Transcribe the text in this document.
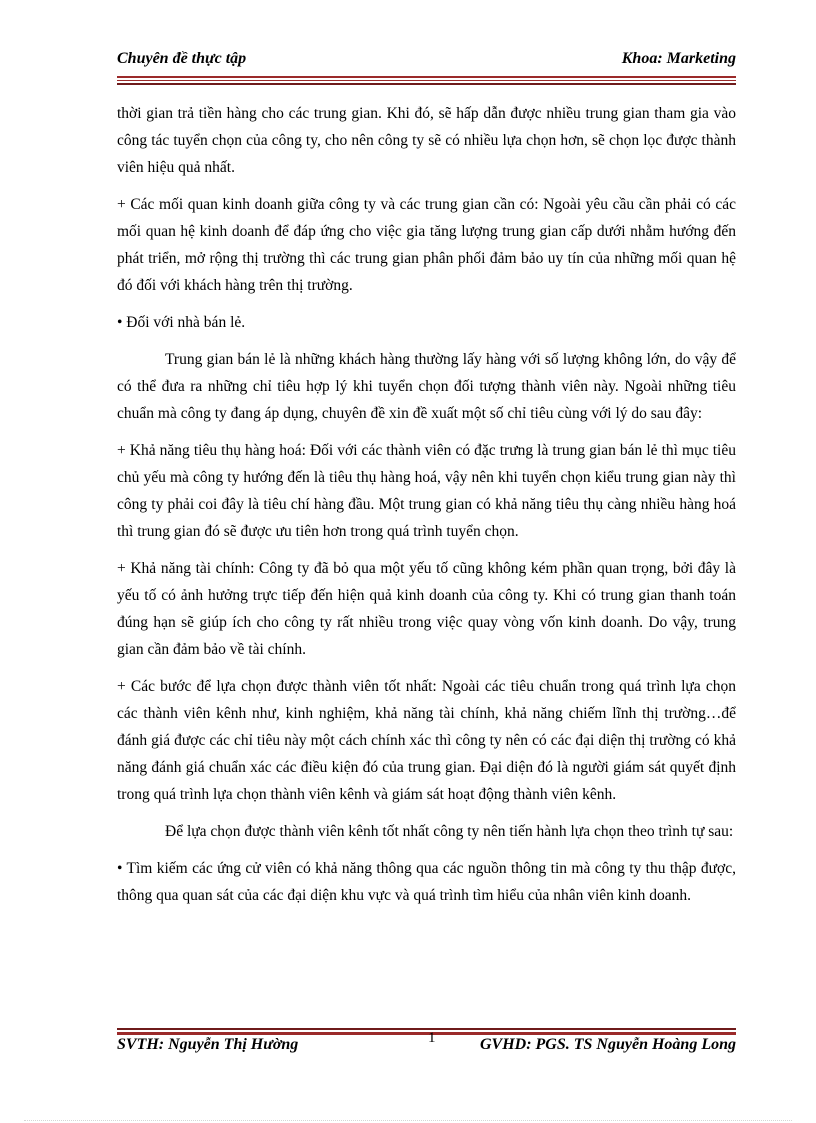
Chuyên đề thực tập	Khoa: Marketing

thời gian trả tiền hàng cho các trung gian. Khi đó, sẽ hấp dẫn được nhiều trung gian tham gia vào công tác tuyển chọn của công ty, cho nên công ty sẽ có nhiều lựa chọn hơn, sẽ chọn lọc được thành viên hiệu quả nhất.

+ Các mối quan kinh doanh giữa công ty và các trung gian cần có: Ngoài yêu cầu cần phải có các mối quan hệ kinh doanh để đáp ứng cho việc gia tăng lượng trung gian cấp dưới nhằm hướng đến phát triển, mở rộng thị trường thì các trung gian phân phối đảm bảo uy tín của những mối quan hệ đó đối với khách hàng trên thị trường.

• Đối với nhà bán lẻ.

Trung gian bán lẻ là những khách hàng thường lấy hàng với số lượng không lớn, do vậy để có thể đưa ra những chỉ tiêu hợp lý khi tuyển chọn đối tượng thành viên này. Ngoài những tiêu chuẩn mà công ty đang áp dụng, chuyên đề xin đề xuất một số chỉ tiêu cùng với lý do sau đây:

+ Khả năng tiêu thụ hàng hoá: Đối với các thành viên có đặc trưng là trung gian bán lẻ thì mục tiêu chủ yếu mà công ty hướng đến là tiêu thụ hàng hoá, vậy nên khi tuyển chọn kiểu trung gian này thì công ty phải coi đây là tiêu chí hàng đầu. Một trung gian có khả năng tiêu thụ càng nhiều hàng hoá thì trung gian đó sẽ được ưu tiên hơn trong quá trình tuyển chọn.

+ Khả năng tài chính: Công ty đã bỏ qua một yếu tố cũng không kém phần quan trọng, bởi đây là yếu tố có ảnh hưởng trực tiếp đến hiện quả kinh doanh của công ty. Khi có trung gian thanh toán đúng hạn sẽ giúp ích cho công ty rất nhiều trong việc quay vòng vốn kinh doanh. Do vậy, trung gian cần đảm bảo về tài chính.

+ Các bước để lựa chọn được thành viên tốt nhất: Ngoài các tiêu chuẩn trong quá trình lựa chọn các thành viên kênh như, kinh nghiệm, khả năng tài chính, khả năng chiếm lĩnh thị trường…để đánh giá được các chỉ tiêu này một cách chính xác thì công ty nên có các đại diện thị trường có khả năng đánh giá chuẩn xác các điều kiện đó của trung gian. Đại diện đó là người giám sát quyết định trong quá trình lựa chọn thành viên kênh và giám sát hoạt động thành viên kênh.

Để lựa chọn được thành viên kênh tốt nhất công ty nên tiến hành lựa chọn theo trình tự sau:

• Tìm kiếm các ứng cử viên có khả năng thông qua các nguồn thông tin mà công ty thu thập được, thông qua quan sát của các đại diện khu vực và quá trình tìm hiểu của nhân viên kinh doanh.

1
SVTH: Nguyễn Thị Hường	GVHD: PGS. TS Nguyễn Hoàng Long
